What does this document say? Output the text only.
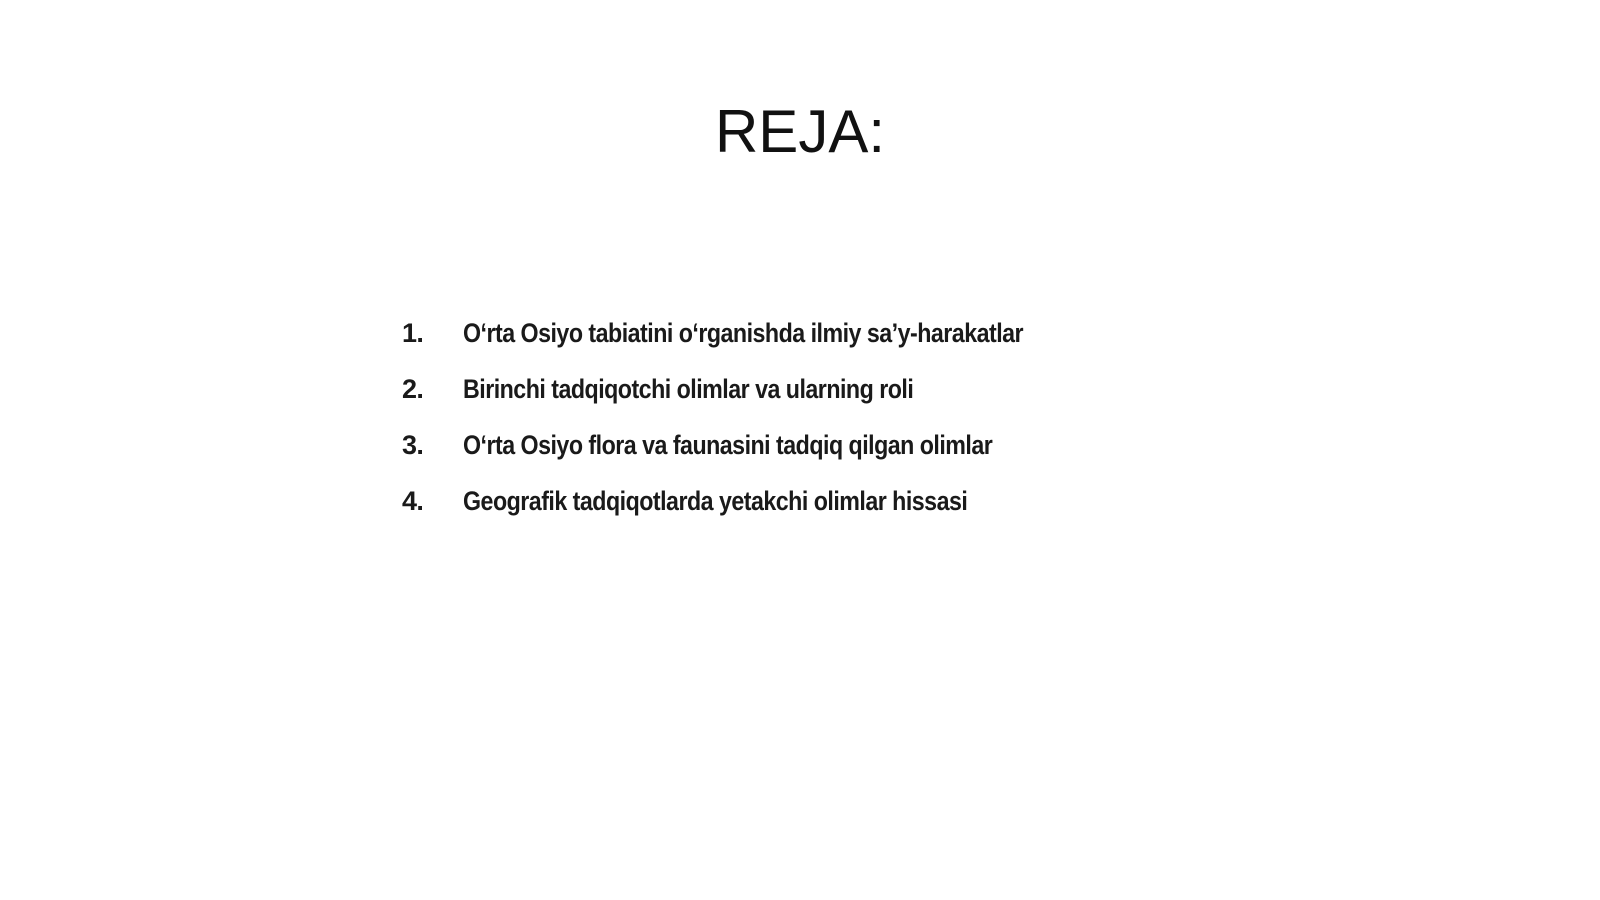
REJA:
1.	O‘rta Osiyo tabiatini o‘rganishda ilmiy sa’y-harakatlar
2.	Birinchi tadqiqotchi olimlar va ularning roli
3.	O‘rta Osiyo flora va faunasini tadqiq qilgan olimlar
4.	Geografik tadqiqotlarda yetakchi olimlar hissasi
